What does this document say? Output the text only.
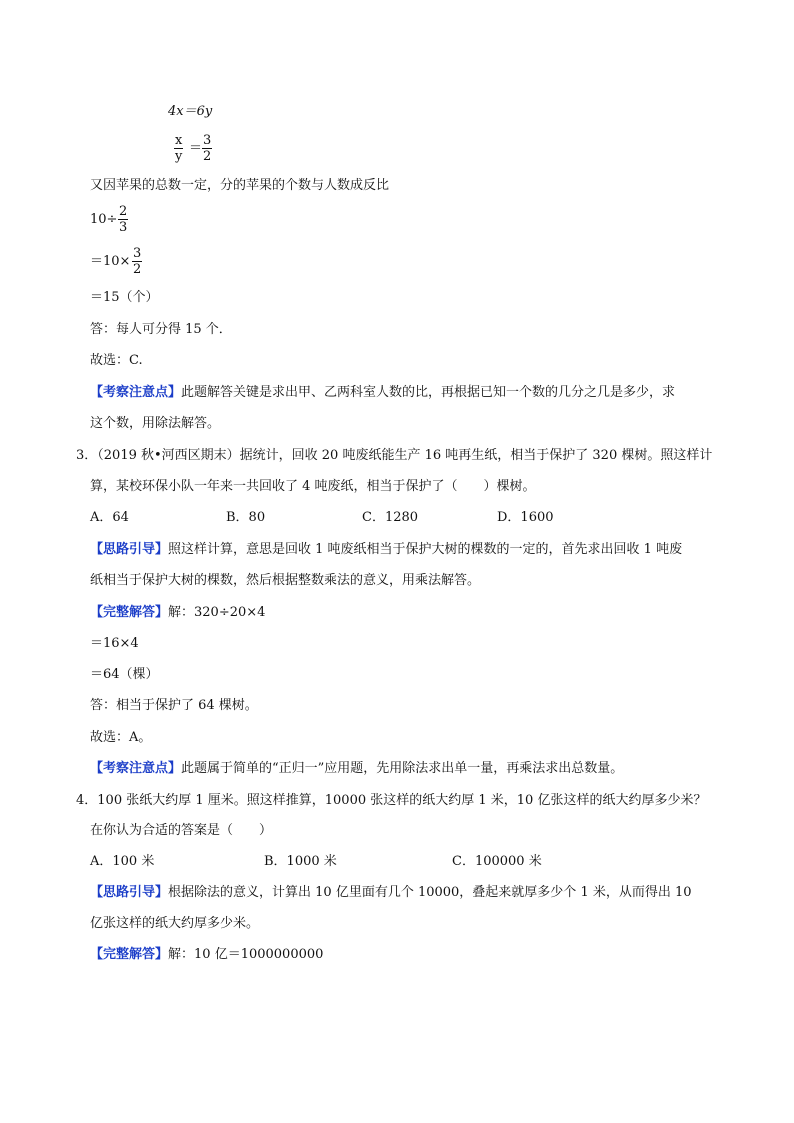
4x＝6y
x
y
＝
3
2
又因苹果的总数一定，分的苹果的个数与人数成反比
10÷
2
3
＝10×
3
2
＝15（个）
答：每人可分得 15 个．
故选：C.
【考察注意点】此题解答关键是求出甲、乙两科室人数的比，再根据已知一个数的几分之几是多少，求
这个数，用除法解答。
3．（2019 秋•河西区期末）据统计，回收 20 吨废纸能生产 16 吨再生纸，相当于保护了 320 棵树。照这样计
算，某校环保小队一年来一共回收了 4 吨废纸，相当于保护了（　　）棵树。
A．64	B．80	C．1280	D．1600
【思路引导】照这样计算，意思是回收 1 吨废纸相当于保护大树的棵数的一定的，首先求出回收 1 吨废
纸相当于保护大树的棵数，然后根据整数乘法的意义，用乘法解答。
【完整解答】解：320÷20×4
＝16×4
＝64（棵）
答：相当于保护了 64 棵树。
故选：A。
【考察注意点】此题属于简单的“正归一”应用题，先用除法求出单一量，再乘法求出总数量。
4．100 张纸大约厚 1 厘米。照这样推算，10000 张这样的纸大约厚 1 米，10 亿张这样的纸大约厚多少米？
在你认为合适的答案是（　　）
A．100 米	B．1000 米	C．100000 米
【思路引导】根据除法的意义，计算出 10 亿里面有几个 10000，叠起来就厚多少个 1 米，从而得出 10
亿张这样的纸大约厚多少米。
【完整解答】解：10 亿＝1000000000
